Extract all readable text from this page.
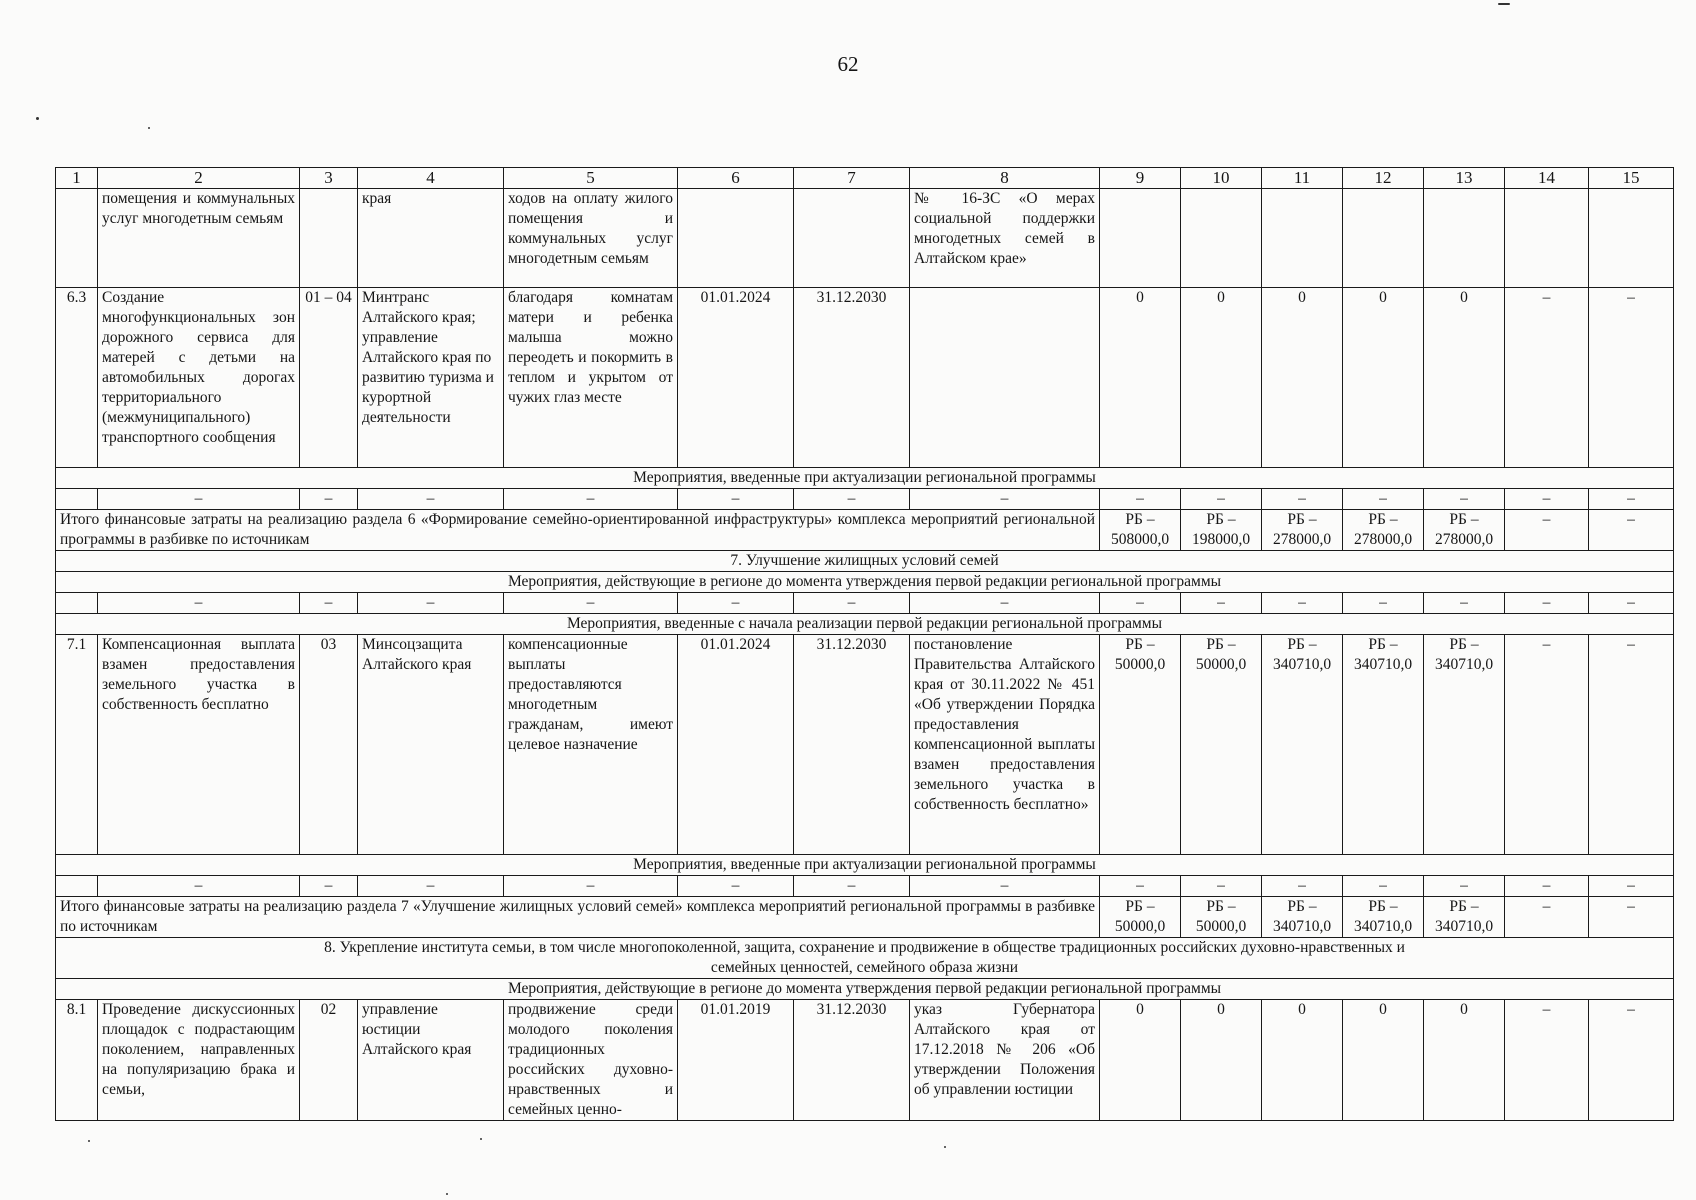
62
1	2	3	4	5	6	7	8	9	10	11	12	13	14	15
	помещения и коммунальных услуг многодетным семьям		края	ходов на оплату жилого помещения и коммунальных услуг многодетным семьям			№ 16-ЗС «О мерах социальной поддержки многодетных семей в Алтайском крае»							
6.3	Создание многофункциональных зон дорожного сервиса для матерей с детьми на автомобильных дорогах территориального (межмуниципального) транспортного сообщения	01 – 04	Минтранс Алтайского края; управление Алтайского края по развитию туризма и курортной деятельности	благодаря комнатам матери и ребенка малыша можно переодеть и покормить в теплом и укрытом от чужих глаз месте	01.01.2024	31.12.2030		0	0	0	0	0	–	–
Мероприятия, введенные при актуализации региональной программы														
	–	–	–	–	–	–	–	–	–	–	–	–	–	–
Итого финансовые затраты на реализацию раздела 6 «Формирование семейно-ориентированной инфраструктуры» комплекса мероприятий региональной программы в разбивке по источникам								РБ – 508000,0	РБ – 198000,0	РБ – 278000,0	РБ – 278000,0	РБ – 278000,0	–	–
7. Улучшение жилищных условий семей														
Мероприятия, действующие в регионе до момента утверждения первой редакции региональной программы														
	–	–	–	–	–	–	–	–	–	–	–	–	–	–
Мероприятия, введенные с начала реализации первой редакции региональной программы														
7.1	Компенсационная выплата взамен предоставления земельного участка в собственность бесплатно	03	Минсоцзащита Алтайского края	компенсационные выплаты предоставляются многодетным гражданам, имеют целевое назначение	01.01.2024	31.12.2030	постановление Правительства Алтайского края от 30.11.2022 № 451 «Об утверждении Порядка предоставления компенсационной выплаты взамен предоставления земельного участка в собственность бесплатно»	РБ – 50000,0	РБ – 50000,0	РБ – 340710,0	РБ – 340710,0	РБ – 340710,0	–	–
Мероприятия, введенные при актуализации региональной программы														
	–	–	–	–	–	–	–	–	–	–	–	–	–	–
Итого финансовые затраты на реализацию раздела 7 «Улучшение жилищных условий семей» комплекса мероприятий региональной программы в разбивке по источникам								РБ – 50000,0	РБ – 50000,0	РБ – 340710,0	РБ – 340710,0	РБ – 340710,0	–	–
8. Укрепление института семьи, в том числе многопоколенной, защита, сохранение и продвижение в обществе традиционных российских духовно-нравственных и семейных ценностей, семейного образа жизни														
Мероприятия, действующие в регионе до момента утверждения первой редакции региональной программы														
8.1	Проведение дискуссионных площадок с подрастающим поколением, направленных на популяризацию брака и семьи,	02	управление юстиции Алтайского края	продвижение среди молодого поколения традиционных российских духовно-нравственных и семейных ценно-	01.01.2019	31.12.2030	указ Губернатора Алтайского края от 17.12.2018 № 206 «Об утверждении Положения об управлении юстиции	0	0	0	0	0	–	–
